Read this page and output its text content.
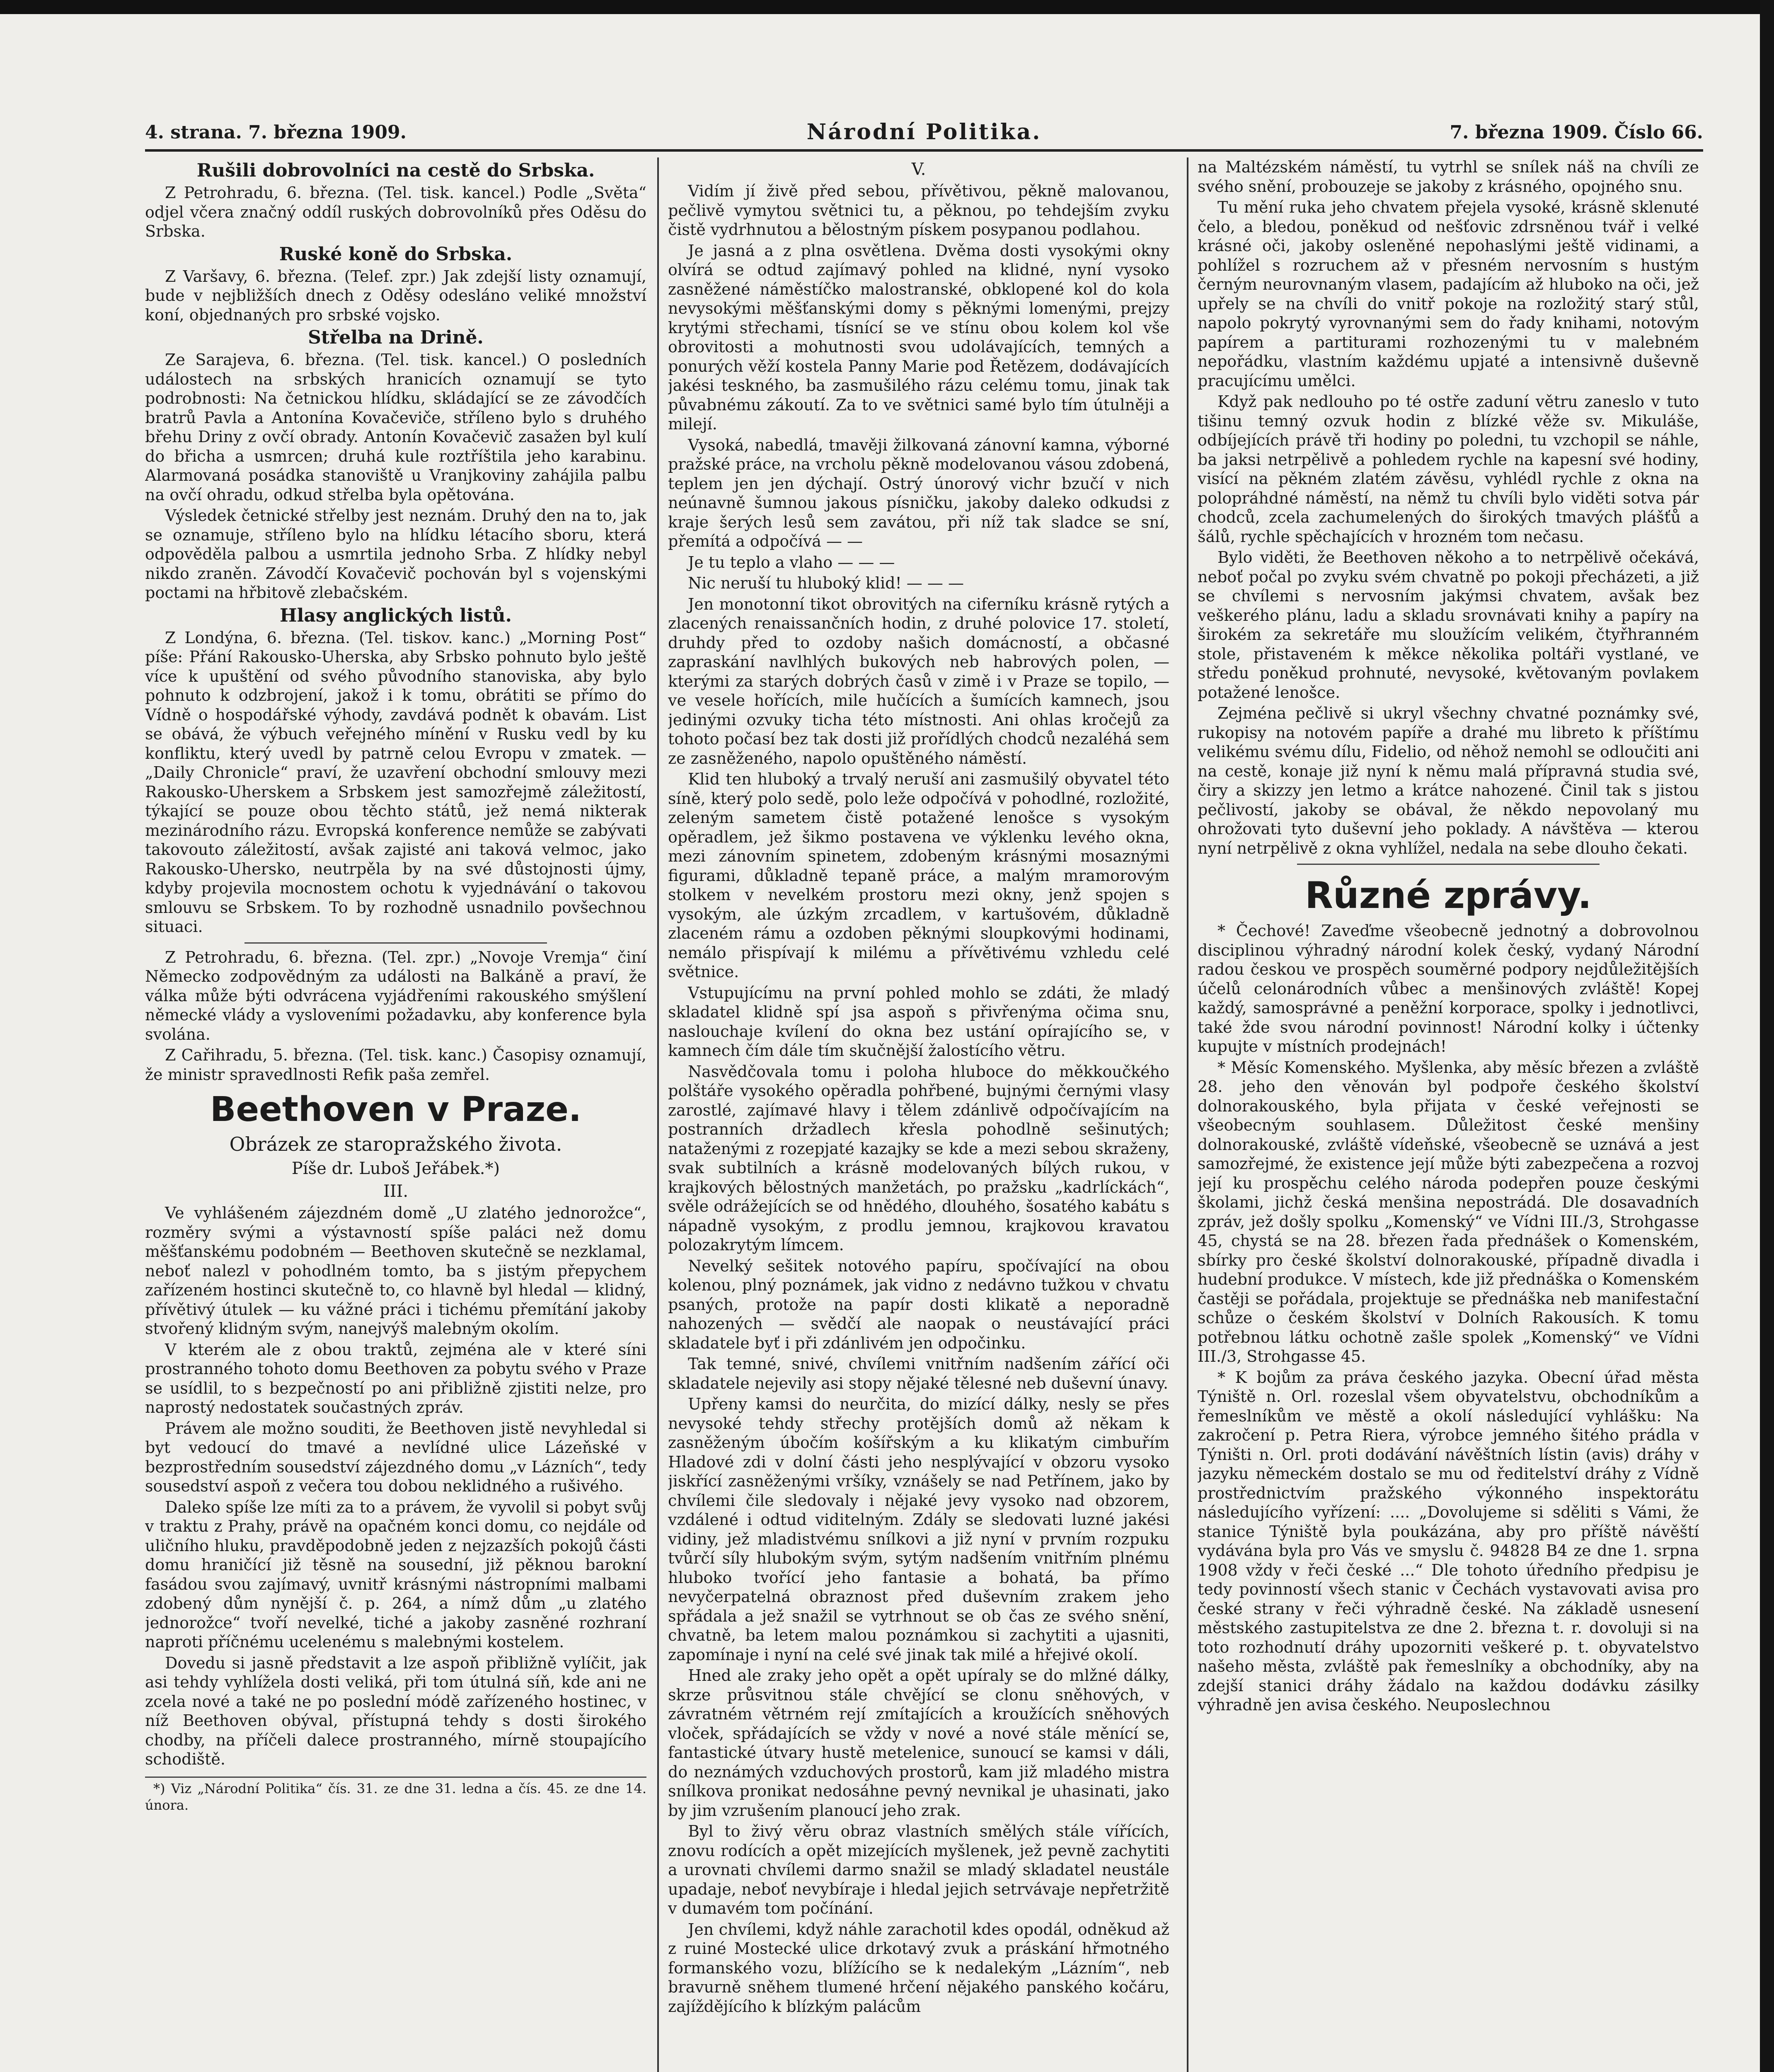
4. strana. 7. března 1909.	Národní Politika.	7. března 1909. Číslo 66.
Rušili dobrovolníci na cestě do Srbska.

Z Petrohradu, 6. března. (Tel. tisk. kancel.) Podle „Světa“ odjel včera značný oddíl ruských dobrovolníků přes Oděsu do Srbska.

Ruské koně do Srbska.

Z Varšavy, 6. března. (Telef. zpr.) Jak zdejší listy oznamují, bude v nejbližších dnech z Oděsy odesláno veliké množství koní, objednaných pro srbské vojsko.

Střelba na Drině.

Ze Sarajeva, 6. března. (Tel. tisk. kancel.) O posledních událostech na srbských hranicích oznamují se tyto podrobnosti: Na četnickou hlídku, skládající se ze závodčích bratrů Pavla a Antonína Kovačeviče, stříleno bylo s druhého břehu Driny z ovčí obrady. Antonín Kovačevič zasažen byl kulí do břicha a usmrcen; druhá kule roztříštila jeho karabinu. Alarmovaná posádka stanoviště u Vranjkoviny zahájila palbu na ovčí ohradu, odkud střelba byla opětována.

Výsledek četnické střelby jest neznám. Druhý den na to, jak se oznamuje, stříleno bylo na hlídku létacího sboru, která odpověděla palbou a usmrtila jednoho Srba. Z hlídky nebyl nikdo zraněn. Závodčí Kovačevič pochován byl s vojenskými poctami na hřbitově zlebačském.

Hlasy anglických listů.

Z Londýna, 6. března. (Tel. tiskov. kanc.) „Morning Post“ píše: Přání Rakousko-Uherska, aby Srbsko pohnuto bylo ještě více k upuštění od svého původního stanoviska, aby bylo pohnuto k odzbrojení, jakož i k tomu, obrátiti se přímo do Vídně o hospodářské výhody, zavdává podnět k obavám. List se obává, že výbuch veřejného mínění v Rusku vedl by ku konfliktu, který uvedl by patrně celou Evropu v zmatek. — „Daily Chronicle“ praví, že uzavření obchodní smlouvy mezi Rakousko-Uherskem a Srbskem jest samozřejmě záležitostí, týkající se pouze obou těchto států, jež nemá nikterak mezinárodního rázu. Evropská konference nemůže se zabývati takovouto záležitostí, avšak zajisté ani taková velmoc, jako Rakousko-Uhersko, neutrpěla by na své důstojnosti újmy, kdyby projevila mocnostem ochotu k vyjednávání o takovou smlouvu se Srbskem. To by rozhodně usnadnilo povšechnou situaci.

Z Petrohradu, 6. března. (Tel. zpr.) „Novoje Vremja“ činí Německo zodpovědným za události na Balkáně a praví, že válka může býti odvrácena vyjádřeními rakouského smýšlení německé vlády a vysloveními požadavku, aby konference byla svolána.

Z Cařihradu, 5. března. (Tel. tisk. kanc.) Časopisy oznamují, že ministr spravedlnosti Refik paša zemřel.

Beethoven v Praze.
Obrázek ze staropražského života.
Píše dr. Luboš Jeřábek.*)
III.

Ve vyhlášeném zájezdném domě „U zlatého jednorožce“, rozměry svými a výstavností spíše paláci než domu měšťanskému podobném — Beethoven skutečně se nezklamal, neboť nalezl v pohodlném tomto, ba s jistým přepychem zařízeném hostinci skutečně to, co hlavně byl hledal — klidný, přívětivý útulek — ku vážné práci i tichému přemítání jakoby stvořený klidným svým, nanejvýš malebným okolím.

V kterém ale z obou traktů, zejména ale v které síni prostranného tohoto domu Beethoven za pobytu svého v Praze se usídlil, to s bezpečností po ani přibližně zjistiti nelze, pro naprostý nedostatek součastných zpráv.

Právem ale možno souditi, že Beethoven jistě nevyhledal si byt vedoucí do tmavé a nevlídné ulice Lázeňské v bezprostředním sousedství zájezdného domu „v Lázních“, tedy sousedství aspoň z večera tou dobou neklidného a rušivého.

Daleko spíše lze míti za to a právem, že vyvolil si pobyt svůj v traktu z Prahy, právě na opačném konci domu, co nejdále od uličního hluku, pravděpodobně jeden z nejzazších pokojů části domu hraničící již těsně na sousední, již pěknou barokní fasádou svou zajímavý, uvnitř krásnými nástropními malbami zdobený dům nynější č. p. 264, a nímž dům „u zlatého jednorožce“ tvoří nevelké, tiché a jakoby zasněné rozhraní naproti příčnému ucelenému s malebnými kostelem.

Dovedu si jasně představit a lze aspoň přibližně vylíčit, jak asi tehdy vyhlížela dosti veliká, při tom útulná síň, kde ani ne zcela nové a také ne po poslední módě zařízeného hostinec, v níž Beethoven obýval, přístupná tehdy s dosti širokého chodby, na příčeli dalece prostranného, mírně stoupajícího schodiště.

*) Viz „Národní Politika“ čís. 31. ze dne 31. ledna a čís. 45. ze dne 14. února.

V.

Vidím jí živě před sebou, přívětivou, pěkně malovanou, pečlivě vymytou světnici tu, a pěknou, po tehdejším zvyku čistě vydrhnutou a bělostným pískem posypanou podlahou.

Je jasná a z plna osvětlena. Dvěma dosti vysokými okny olvírá se odtud zajímavý pohled na klidné, nyní vysoko zasněžené náměstíčko malostranské, obklopené kol do kola nevysokými měšťanskými domy s pěknými lomenými, prejzy krytými střechami, tísnící se ve stínu obou kolem kol vše obrovitosti a mohutnosti svou udolávajících, temných a ponurých věží kostela Panny Marie pod Řetězem, dodávajících jakési teskného, ba zasmušilého rázu celému tomu, jinak tak půvabnému zákoutí. Za to ve světnici samé bylo tím útulněji a milejí.

Vysoká, nabedlá, tmavěji žilkovaná zánovní kamna, výborné pražské práce, na vrcholu pěkně modelovanou vásou zdobená, teplem jen jen dýchají. Ostrý únorový vichr bzučí v nich neúnavně šumnou jakous písničku, jakoby daleko odkudsi z kraje šerých lesů sem zavátou, při níž tak sladce se sní, přemítá a odpočívá — —

Je tu teplo a vlaho — — —

Nic neruší tu hluboký klid! — — —

Jen monotonní tikot obrovitých na ciferníku krásně rytých a zlacených renaissančních hodin, z druhé polovice 17. století, druhdy před to ozdoby našich domácností, a občasné zapraskání navlhlých bukových neb habrových polen, — kterými za starých dobrých časů v zimě i v Praze se topilo, — ve vesele hořících, mile hučících a šumících kamnech, jsou jedinými ozvuky ticha této místnosti. Ani ohlas kročejů za tohoto počasí bez tak dosti již prořídlých chodců nezaléhá sem ze zasněženého, napolo opuštěného náměstí.

Klid ten hluboký a trvalý neruší ani zasmušilý obyvatel této síně, který polo sedě, polo leže odpočívá v pohodlné, rozložité, zeleným sametem čistě potažené lenošce s vysokým opěradlem, jež šikmo postavena ve výklenku levého okna, mezi zánovním spinetem, zdobeným krásnými mosaznými figurami, důkladně tepaně práce, a malým mramorovým stolkem v nevelkém prostoru mezi okny, jenž spojen s vysokým, ale úzkým zrcadlem, v kartušovém, důkladně zlaceném rámu a ozdoben pěknými sloupkovými hodinami, nemálo přispívají k milému a přívětivému vzhledu celé světnice.

Vstupujícímu na první pohled mohlo se zdáti, že mladý skladatel klidně spí jsa aspoň s přivřenýma očima snu, naslouchaje kvílení do okna bez ustání opírajícího se, v kamnech čím dále tím skučnější žalostícího větru.

Nasvědčovala tomu i poloha hluboce do měkkoučkého polštáře vysokého opěradla pohřbené, bujnými černými vlasy zarostlé, zajímavé hlavy i tělem zdánlivě odpočívajícím na postranních držadlech křesla pohodlně sešinutých; nataženými z rozepjaté kazajky se kde a mezi sebou skraženy, svak subtilních a krásně modelovaných bílých rukou, v krajkových bělostných manžetách, po pražsku „kadrlíckách“, svěle odrážejících se od hnědého, dlouhého, šosatého kabátu s nápadně vysokým, z prodlu jemnou, krajkovou kravatou polozakrytým límcem.

Nevelký sešitek notového papíru, spočívající na obou kolenou, plný poznámek, jak vidno z nedávno tužkou v chvatu psaných, protože na papír dosti klikatě a neporadně nahozených — svědčí ale naopak o neustávající práci skladatele byť i při zdánlivém jen odpočinku.

Tak temné, snivé, chvílemi vnitřním nadšením zářící oči skladatele nejevily asi stopy nějaké tělesné neb duševní únavy.

Upřeny kamsi do neurčita, do mizící dálky, nesly se přes nevysoké tehdy střechy protějších domů až někam k zasněženým úbočím košířským a ku klikatým cimbuřím Hladové zdi v dolní části jeho nesplývající v obzoru vysoko jiskřící zasněženými vršíky, vznášely se nad Petřínem, jako by chvílemi čile sledovaly i nějaké jevy vysoko nad obzorem, vzdálené i odtud viditelným. Zdály se sledovati luzné jakési vidiny, jež mladistvému snílkovi a již nyní v prvním rozpuku tvůrčí síly hlubokým svým, sytým nadšením vnitřním plnému hluboko tvořící jeho fantasie a bohatá, ba přímo nevyčerpatelná obraznost před duševním zrakem jeho spřádala a jež snažil se vytrhnout se ob čas ze svého snění, chvatně, ba letem malou poznámkou si zachytiti a ujasniti, zapomínaje i nyní na celé své jinak tak milé a hřejivé okolí.

Hned ale zraky jeho opět a opět upíraly se do mlžné dálky, skrze průsvitnou stále chvějící se clonu sněhových, v závratném větrném rejí zmítajících a kroužících sněhových vloček, spřádajících se vždy v nové a nové stále měnící se, fantastické útvary hustě metelenice, sunoucí se kamsi v dáli, do neznámých vzduchových prostorů, kam již mladého mistra snílkova pronikat nedosáhne pevný nevnikal je uhasinati, jako by jim vzrušením planoucí jeho zrak.

Byl to živý věru obraz vlastních smělých stále vířících, znovu rodících a opět mizejících myšlenek, jež pevně zachytiti a urovnati chvílemi darmo snažil se mladý skladatel neustále upadaje, neboť nevybíraje i hledal jejich setrvávaje nepřetržitě v dumavém tom počínání.

Jen chvílemi, když náhle zarachotil kdes opodál, odněkud až z ruiné Mostecké ulice drkotavý zvuk a práskání hřmotného formanského vozu, blížícího se k nedalekým „Lázním“, neb bravurně sněhem tlumené hrčení nějakého panského kočáru, zajíždějícího k blízkým palácům

na Maltézském náměstí, tu vytrhl se snílek náš na chvíli ze svého snění, probouzeje se jakoby z krásného, opojného snu.

Tu mění ruka jeho chvatem přejela vysoké, krásně sklenuté čelo, a bledou, poněkud od nešťovic zdrsněnou tvář i velké krásné oči, jakoby osleněné nepohaslými ještě vidinami, a pohlížel s rozruchem až v přesném nervosním s hustým černým neurovnaným vlasem, padajícím až hluboko na oči, jež upřely se na chvíli do vnitř pokoje na rozložitý starý stůl, napolo pokrytý vyrovnanými sem do řady knihami, notovým papírem a partiturami rozhozenými tu v malebném nepořádku, vlastním každému upjaté a intensivně duševně pracujícímu umělci.

Když pak nedlouho po té ostře zaduní větru zaneslo v tuto tišinu temný ozvuk hodin z blízké věže sv. Mikuláše, odbíjejících právě tři hodiny po poledni, tu vzchopil se náhle, ba jaksi netrpělivě a pohledem rychle na kapesní své hodiny, visící na pěkném zlatém závěsu, vyhlédl rychle z okna na polopráhdné náměstí, na němž tu chvíli bylo viděti sotva pár chodců, zcela zachumelených do širokých tmavých plášťů a šálů, rychle spěchajících v hrozném tom nečasu.

Bylo viděti, že Beethoven někoho a to netrpělivě očekává, neboť počal po zvyku svém chvatně po pokoji přecházeti, a již se chvílemi s nervosním jakýmsi chvatem, avšak bez veškerého plánu, ladu a skladu srovnávati knihy a papíry na širokém za sekretáře mu sloužícím velikém, čtyřhranném stole, přistaveném k měkce několika poltáři vystlané, ve středu poněkud prohnuté, nevysoké, květovaným povlakem potažené lenošce.

Zejména pečlivě si ukryl všechny chvatné poznámky své, rukopisy na notovém papíře a drahé mu libreto k příštímu velikému svému dílu, Fidelio, od něhož nemohl se odloučiti ani na cestě, konaje již nyní k němu malá přípravná studia své, čiry a skizzy jen letmo a krátce nahozené. Činil tak s jistou pečlivostí, jakoby se obával, že někdo nepovolaný mu ohrožovati tyto duševní jeho poklady. A návštěva — kterou nyní netrpělivě z okna vyhlížel, nedala na sebe dlouho čekati.

Různé zprávy.

* Čechové! Zaveďme všeobecně jednotný a dobrovolnou disciplinou výhradný národní kolek český, vydaný Národní radou českou ve prospěch souměrné podpory nejdůležitějších účelů celonárodních vůbec a menšinových zvláště! Kopej každý, samosprávné a peněžní korporace, spolky i jednotlivci, také žde svou národní povinnost! Národní kolky i účtenky kupujte v místních prodejnách!

* Měsíc Komenského. Myšlenka, aby měsíc březen a zvláště 28. jeho den věnován byl podpoře českého školství dolnorakouského, byla přijata v české veřejnosti se všeobecným souhlasem. Důležitost české menšiny dolnorakouské, zvláště vídeňské, všeobecně se uznává a jest samozřejmé, že existence její může býti zabezpečena a rozvoj její ku prospěchu celého národa podepřen pouze českými školami, jichž česká menšina nepostrádá. Dle dosavadních zpráv, jež došly spolku „Komenský“ ve Vídni III./3, Strohgasse 45, chystá se na 28. březen řada přednášek o Komenském, sbírky pro české školství dolnorakouské, případně divadla i hudební produkce. V místech, kde již přednáška o Komenském častěji se pořádala, projektuje se přednáška neb manifestační schůze o českém školství v Dolních Rakousích. K tomu potřebnou látku ochotně zašle spolek „Komenský“ ve Vídni III./3, Strohgasse 45.

* K bojům za práva českého jazyka. Obecní úřad města Týniště n. Orl. rozeslal všem obyvatelstvu, obchodníkům a řemeslníkům ve městě a okolí následující vyhlášku: Na zakročení p. Petra Riera, výrobce jemného šitého prádla v Týništi n. Orl. proti dodávání návěštních lístin (avis) dráhy v jazyku německém dostalo se mu od ředitelství dráhy z Vídně prostřednictvím pražského výkonného inspektorátu následujícího vyřízení: .... „Dovolujeme si sděliti s Vámi, že stanice Týniště byla poukázána, aby pro příště návěští vydávána byla pro Vás ve smyslu č. 94828 B4 ze dne 1. srpna 1908 vždy v řeči české ...“ Dle tohoto úředního předpisu je tedy povinností všech stanic v Čechách vystavovati avisa pro české strany v řeči výhradně české. Na základě usnesení městského zastupitelstva ze dne 2. března t. r. dovoluji si na toto rozhodnutí dráhy upozorniti veškeré p. t. obyvatelstvo našeho města, zvláště pak řemeslníky a obchodníky, aby na zdejší stanici dráhy žádalo na každou dodávku zásilky výhradně jen avisa českého. Neuposlechnou
